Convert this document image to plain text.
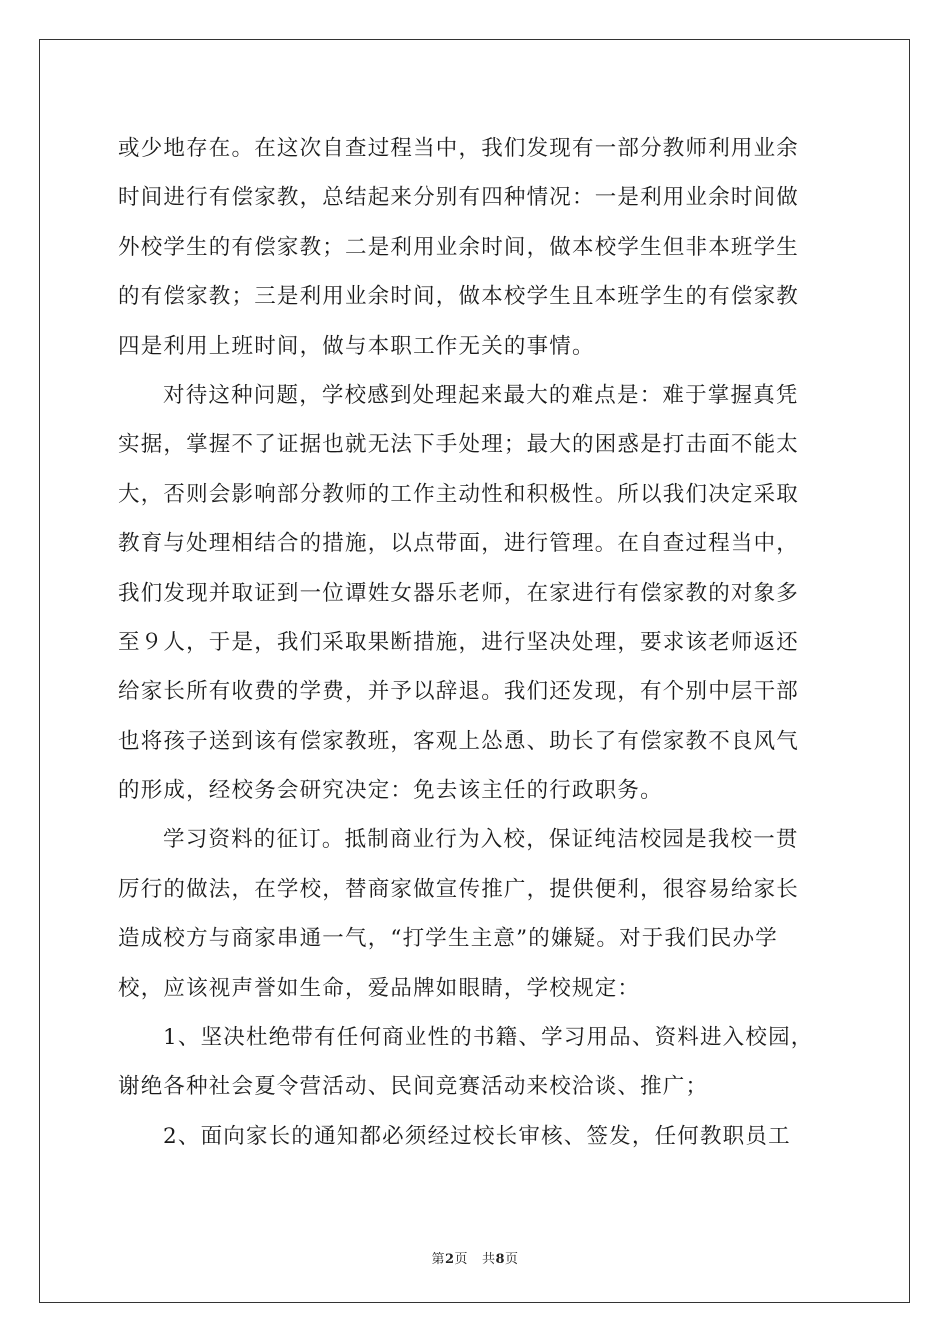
或少地存在。在这次自查过程当中，我们发现有一部分教师利用业余
时间进行有偿家教，总结起来分别有四种情况：一是利用业余时间做
外校学生的有偿家教；二是利用业余时间，做本校学生但非本班学生
的有偿家教；三是利用业余时间，做本校学生且本班学生的有偿家教
四是利用上班时间，做与本职工作无关的事情。
对待这种问题，学校感到处理起来最大的难点是：难于掌握真凭
实据，掌握不了证据也就无法下手处理；最大的困惑是打击面不能太
大，否则会影响部分教师的工作主动性和积极性。所以我们决定采取
教育与处理相结合的措施，以点带面，进行管理。在自查过程当中，
我们发现并取证到一位谭姓女器乐老师，在家进行有偿家教的对象多
至９人，于是，我们采取果断措施，进行坚决处理，要求该老师返还
给家长所有收费的学费，并予以辞退。我们还发现，有个别中层干部
也将孩子送到该有偿家教班，客观上怂恿、助长了有偿家教不良风气
的形成，经校务会研究决定：免去该主任的行政职务。
学习资料的征订。抵制商业行为入校，保证纯洁校园是我校一贯
厉行的做法，在学校，替商家做宣传推广，提供便利，很容易给家长
造成校方与商家串通一气，“打学生主意”的嫌疑。对于我们民办学
校，应该视声誉如生命，爱品牌如眼睛，学校规定：
1、坚决杜绝带有任何商业性的书籍、学习用品、资料进入校园，
谢绝各种社会夏令营活动、民间竞赛活动来校洽谈、推广；
2、面向家长的通知都必须经过校长审核、签发，任何教职员工
第2页 共8页
